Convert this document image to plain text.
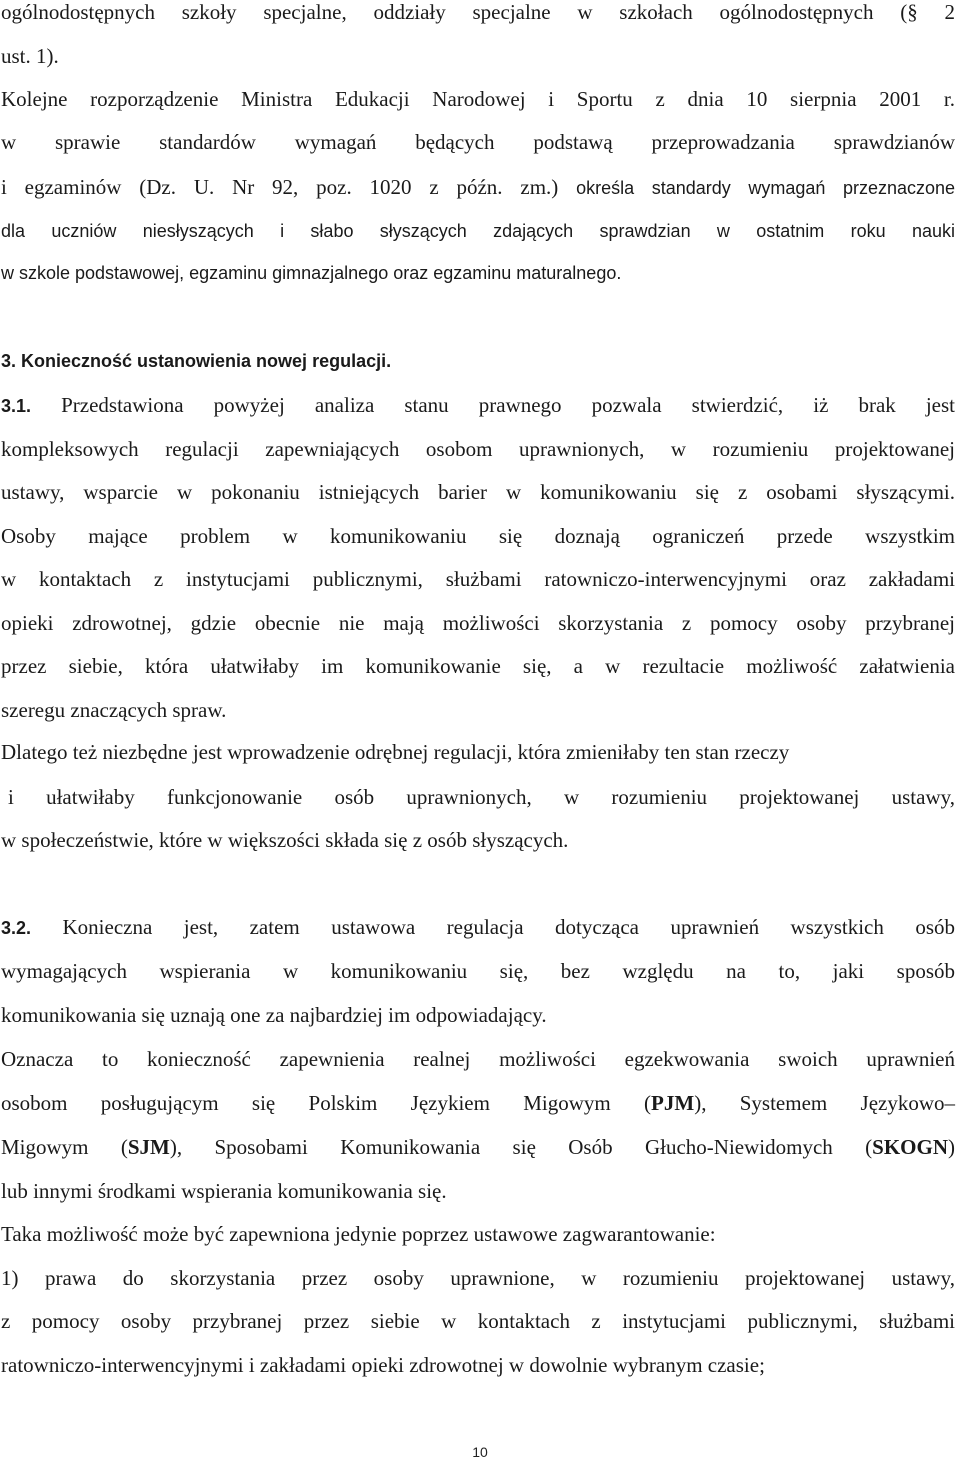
ogólnodostępnych szkoły specjalne, oddziały specjalne w szkołach ogólnodostępnych (§ 2
ust. 1).
Kolejne rozporządzenie Ministra Edukacji Narodowej i Sportu z dnia 10 sierpnia 2001 r.
w sprawie standardów wymagań będących podstawą przeprowadzania sprawdzianów
i egzaminów (Dz. U. Nr 92, poz. 1020 z późn. zm.) określa standardy wymagań przeznaczone
dla uczniów niesłyszących i słabo słyszących zdających sprawdzian w ostatnim roku nauki
w szkole podstawowej, egzaminu gimnazjalnego oraz egzaminu maturalnego.
3. Konieczność ustanowienia nowej regulacji.
3.1. Przedstawiona powyżej analiza stanu prawnego pozwala stwierdzić, iż brak jest
kompleksowych regulacji zapewniających osobom uprawnionych, w rozumieniu projektowanej
ustawy, wsparcie w pokonaniu istniejących barier w komunikowaniu się z osobami słyszącymi.
Osoby mające problem w komunikowaniu się doznają ograniczeń przede wszystkim
w kontaktach z instytucjami publicznymi, służbami ratowniczo-interwencyjnymi oraz zakładami
opieki zdrowotnej, gdzie obecnie nie mają możliwości skorzystania z pomocy osoby przybranej
przez siebie, która ułatwiłaby im komunikowanie się, a w rezultacie możliwość załatwienia
szeregu znaczących spraw.
Dlatego też niezbędne jest wprowadzenie odrębnej regulacji, która zmieniłaby ten stan rzeczy
i ułatwiłaby funkcjonowanie osób uprawnionych, w rozumieniu projektowanej ustawy,
w społeczeństwie, które w większości składa się z osób słyszących.
3.2. Konieczna jest, zatem ustawowa regulacja dotycząca uprawnień wszystkich osób
wymagających wspierania w komunikowaniu się, bez względu na to, jaki sposób
komunikowania się uznają one za najbardziej im odpowiadający.
Oznacza to konieczność zapewnienia realnej możliwości egzekwowania swoich uprawnień
osobom posługującym się Polskim Językiem Migowym (PJM), Systemem Językowo–
Migowym (SJM), Sposobami Komunikowania się Osób Głucho-Niewidomych (SKOGN)
lub innymi środkami wspierania komunikowania się.
Taka możliwość może być zapewniona jedynie poprzez ustawowe zagwarantowanie:
1) prawa do skorzystania przez osoby uprawnione, w rozumieniu projektowanej ustawy,
z pomocy osoby przybranej przez siebie w kontaktach z instytucjami publicznymi, służbami
ratowniczo-interwencyjnymi i zakładami opieki zdrowotnej w dowolnie wybranym czasie;
10
